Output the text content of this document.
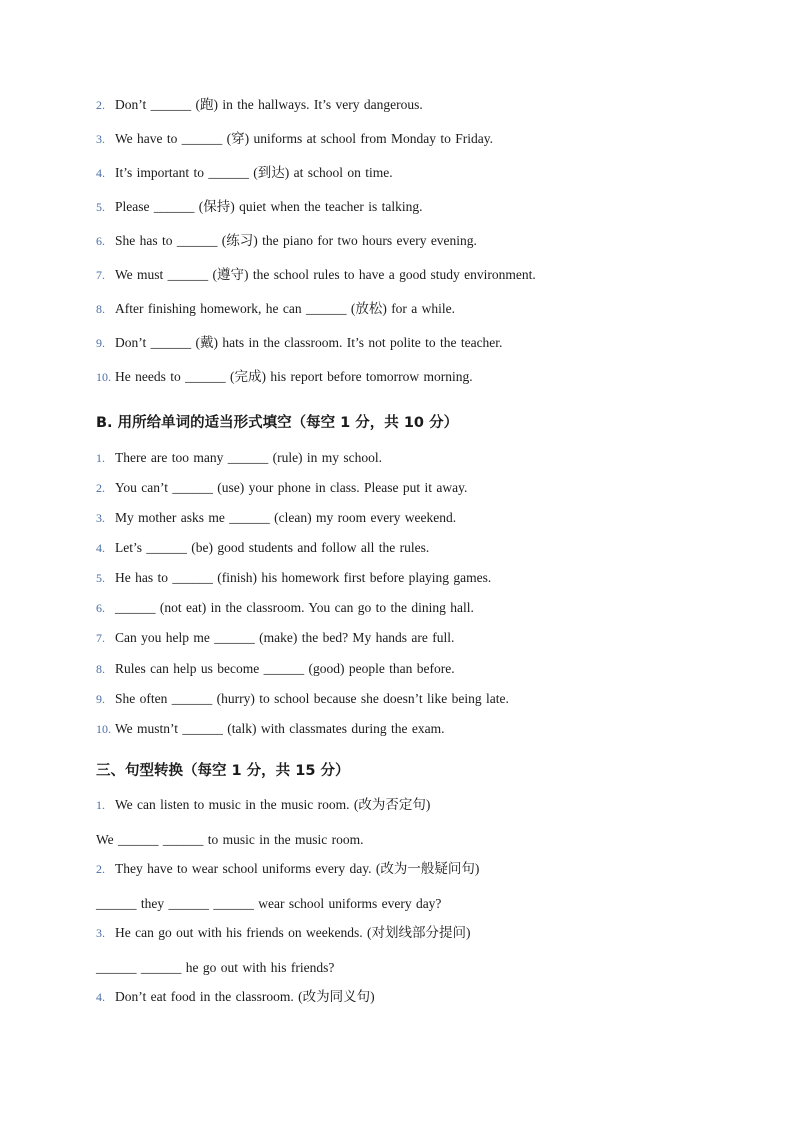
2. Don’t ______ (跑) in the hallways. It’s very dangerous.
3. We have to ______ (穿) uniforms at school from Monday to Friday.
4. It’s important to ______ (到达) at school on time.
5. Please ______ (保持) quiet when the teacher is talking.
6. She has to ______ (练习) the piano for two hours every evening.
7. We must ______ (遵守) the school rules to have a good study environment.
8. After finishing homework, he can ______ (放松) for a while.
9. Don’t ______ (戴) hats in the classroom. It’s not polite to the teacher.
10. He needs to ______ (完成) his report before tomorrow morning.
B. 用所给单词的适当形式填空（每空 1 分，共 10 分）
1. There are too many ______ (rule) in my school.
2. You can’t ______ (use) your phone in class. Please put it away.
3. My mother asks me ______ (clean) my room every weekend.
4. Let’s ______ (be) good students and follow all the rules.
5. He has to ______ (finish) his homework first before playing games.
6. ______ (not eat) in the classroom. You can go to the dining hall.
7. Can you help me ______ (make) the bed? My hands are full.
8. Rules can help us become ______ (good) people than before.
9. She often ______ (hurry) to school because she doesn’t like being late.
10. We mustn’t ______ (talk) with classmates during the exam.
三、句型转换（每空 1 分，共 15 分）
1. We can listen to music in the music room. (改为否定句)
We ______ ______ to music in the music room.
2. They have to wear school uniforms every day. (改为一般疑问句)
______ they ______ ______ wear school uniforms every day?
3. He can go out with his friends on weekends. (对划线部分提问)
______ ______ he go out with his friends?
4. Don’t eat food in the classroom. (改为同义句)
